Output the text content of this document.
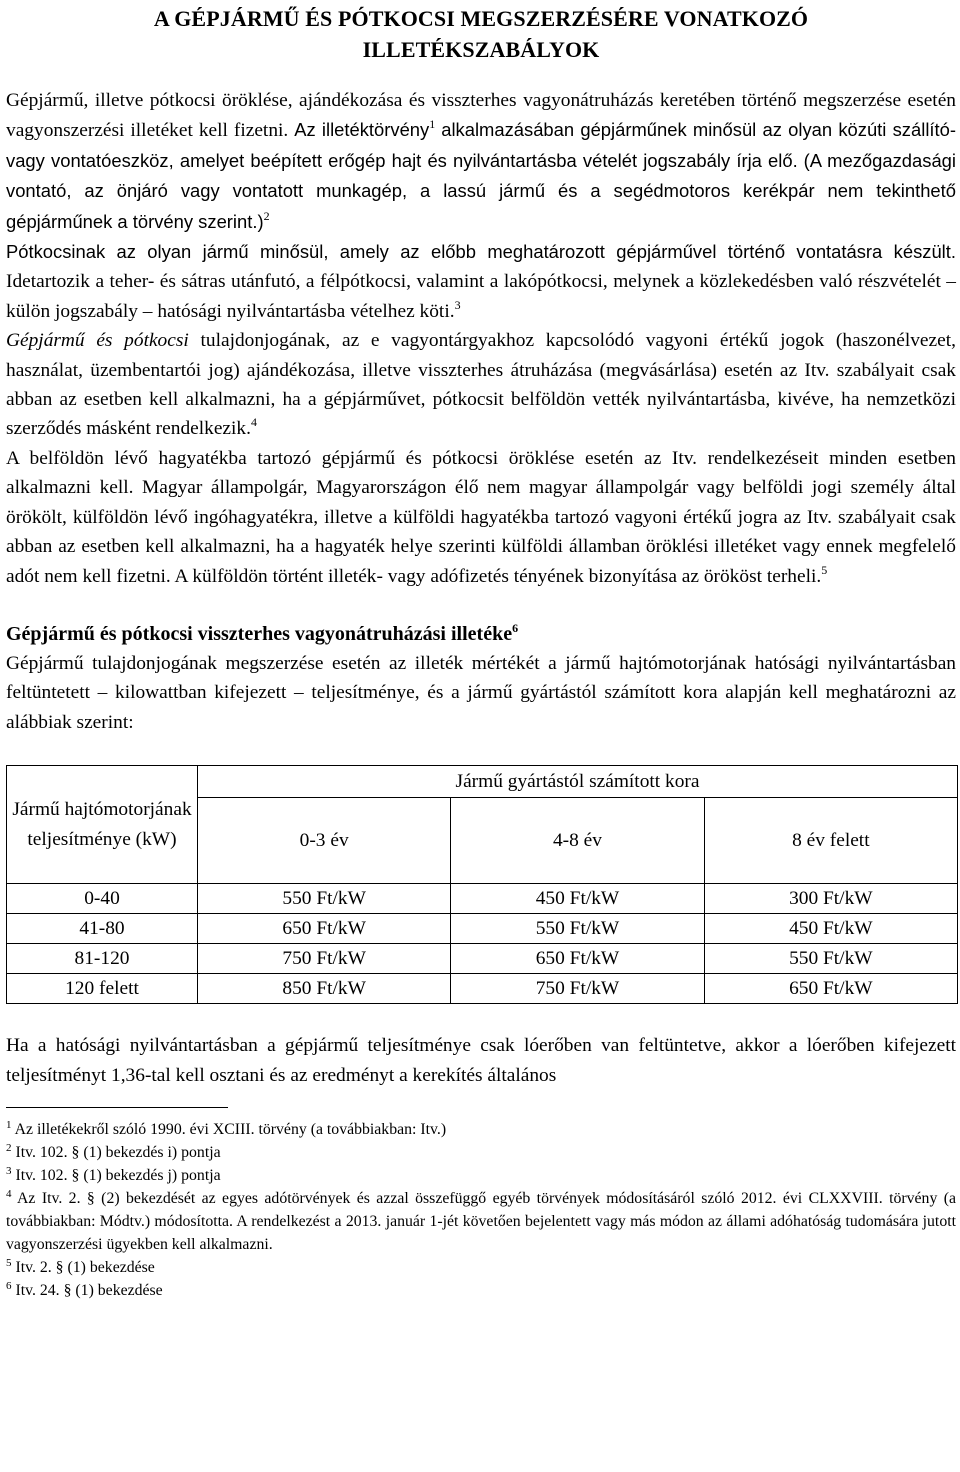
A GÉPJÁRMŰ ÉS PÓTKOCSI MEGSZERZÉSÉRE VONATKOZÓ
ILLETÉKSZABÁLYOK

Gépjármű, illetve pótkocsi öröklése, ajándékozása és visszterhes vagyonátruházás keretében történő megszerzése esetén vagyonszerzési illetéket kell fizetni. Az illetéktörvény$^1$ alkalmazásában gépjárműnek minősül az olyan közúti szállító- vagy vontatóeszköz, amelyet beépített erőgép hajt és nyilvántartásba vételét jogszabály írja elő. (A mezőgazdasági vontató, az önjáró vagy vontatott munkagép, a lassú jármű és a segédmotoros kerékpár nem tekinthető gépjárműnek a törvény szerint.)$^2$

Pótkocsinak az olyan jármű minősül, amely az előbb meghatározott gépjárművel történő vontatásra készült. Idetartozik a teher- és sátras utánfutó, a félpótkocsi, valamint a lakópótkocsi, melynek a közlekedésben való részvételét – külön jogszabály – hatósági nyilvántartásba vételhez köti.$^3$

Gépjármű és pótkocsi tulajdonjogának, az e vagyontárgyakhoz kapcsolódó vagyoni értékű jogok (haszonélvezet, használat, üzembentartói jog) ajándékozása, illetve visszterhes átruházása (megvásárlása) esetén az Itv. szabályait csak abban az esetben kell alkalmazni, ha a gépjárművet, pótkocsit belföldön vették nyilvántartásba, kivéve, ha nemzetközi szerződés másként rendelkezik.$^4$

A belföldön lévő hagyatékba tartozó gépjármű és pótkocsi öröklése esetén az Itv. rendelkezéseit minden esetben alkalmazni kell. Magyar állampolgár, Magyarországon élő nem magyar állampolgár vagy belföldi jogi személy által örökölt, külföldön lévő ingóhagyatékra, illetve a külföldi hagyatékba tartozó vagyoni értékű jogra az Itv. szabályait csak abban az esetben kell alkalmazni, ha a hagyaték helye szerinti külföldi államban öröklési illetéket vagy ennek megfelelő adót nem kell fizetni. A külföldön történt illeték- vagy adófizetés tényének bizonyítása az örököst terheli.$^5$

Gépjármű és pótkocsi visszterhes vagyonátruházási illetéke$^6$

Gépjármű tulajdonjogának megszerzése esetén az illeték mértékét a jármű hajtómotorjának hatósági nyilvántartásban feltüntetett – kilowattban kifejezett – teljesítménye, és a jármű gyártástól számított kora alapján kell meghatározni az alábbiak szerint:

Jármű hajtómotorjának teljesítménye (kW)	Jármű gyártástól számított kora		
	0-3 év	4-8 év	8 év felett
0-40	550 Ft/kW	450 Ft/kW	300 Ft/kW
41-80	650 Ft/kW	550 Ft/kW	450 Ft/kW
81-120	750 Ft/kW	650 Ft/kW	550 Ft/kW
120 felett	850 Ft/kW	750 Ft/kW	650 Ft/kW

Ha a hatósági nyilvántartásban a gépjármű teljesítménye csak lóerőben van feltüntetve, akkor a lóerőben kifejezett teljesítményt 1,36-tal kell osztani és az eredményt a kerekítés általános

$^1$ Az illetékekről szóló 1990. évi XCIII. törvény (a továbbiakban: Itv.)

$^2$ Itv. 102. § (1) bekezdés i) pontja

$^3$ Itv. 102. § (1) bekezdés j) pontja

$^4$ Az Itv. 2. § (2) bekezdését az egyes adótörvények és azzal összefüggő egyéb törvények módosításáról szóló 2012. évi CLXXVIII. törvény (a továbbiakban: Módtv.) módosította. A rendelkezést a 2013. január 1-jét követően bejelentett vagy más módon az állami adóhatóság tudomására jutott vagyonszerzési ügyekben kell alkalmazni.

$^5$ Itv. 2. § (1) bekezdése

$^6$ Itv. 24. § (1) bekezdése
